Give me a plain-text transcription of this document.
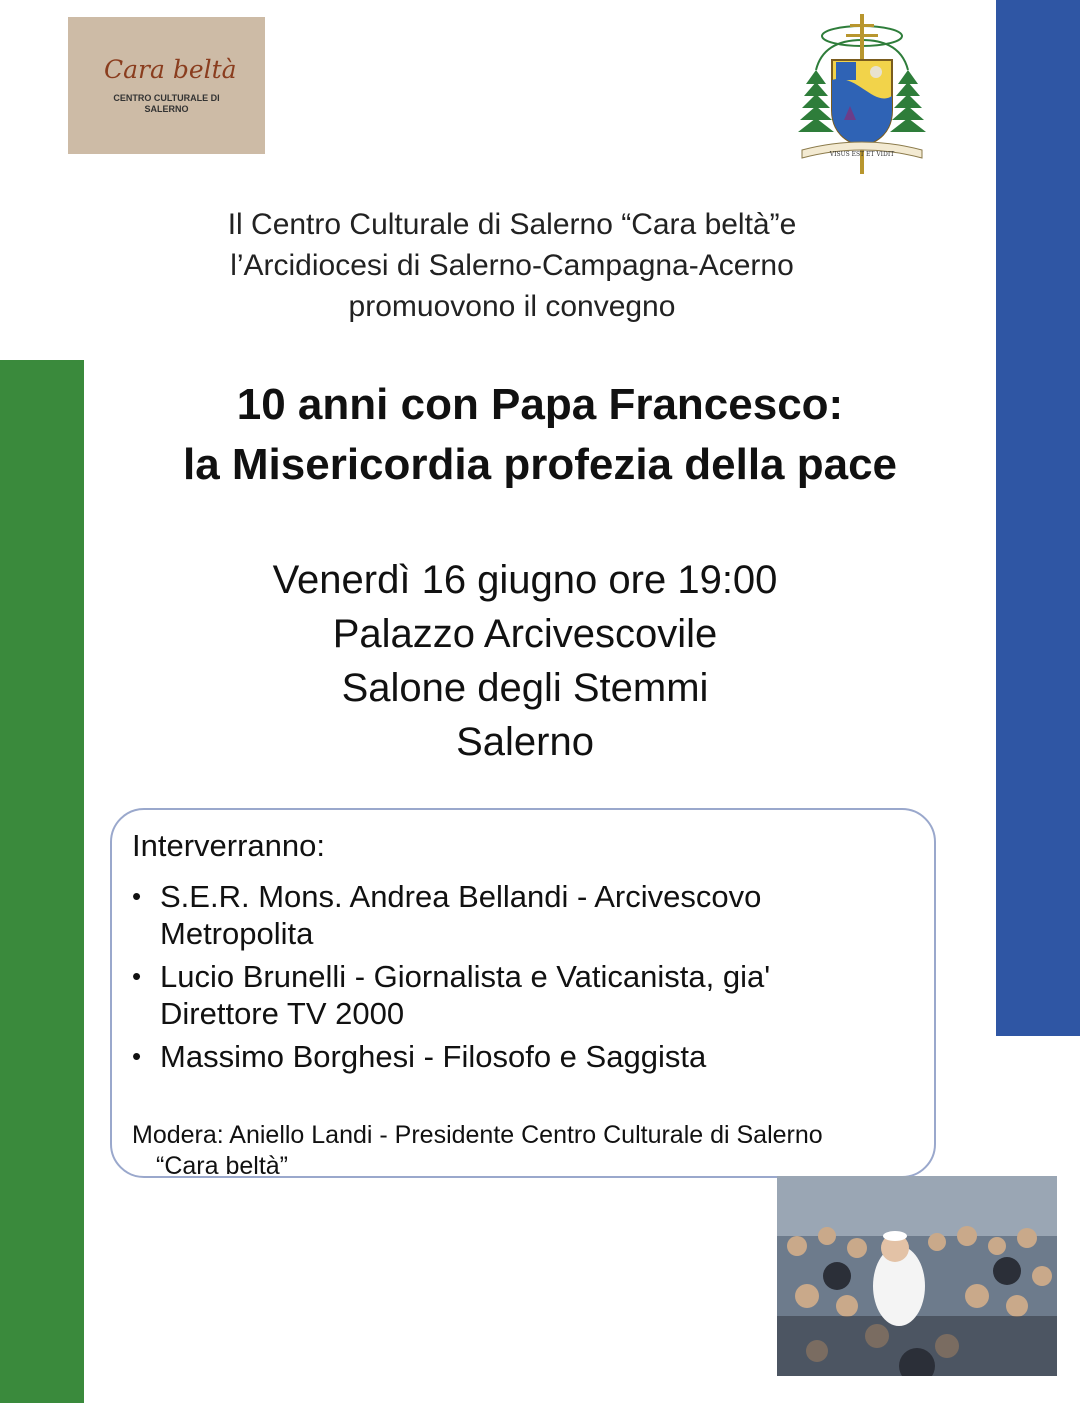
Cara beltà
CENTRO CULTURALE DI
SALERNO
VISUS EST ET VIDIT
Il Centro Culturale di Salerno “Cara beltà”e
l’Arcidiocesi di Salerno-Campagna-Acerno
promuovono il convegno
10 anni con Papa Francesco:
la Misericordia profezia della pace
Venerdì 16 giugno ore 19:00
Palazzo Arcivescovile
Salone degli Stemmi
Salerno
Interverranno:
• S.E.R. Mons. Andrea Bellandi - Arcivescovo
Metropolita
• Lucio Brunelli - Giornalista e Vaticanista, gia'
Direttore TV 2000
• Massimo Borghesi - Filosofo e Saggista
Modera: Aniello Landi - Presidente Centro Culturale di Salerno
“Cara beltà”
